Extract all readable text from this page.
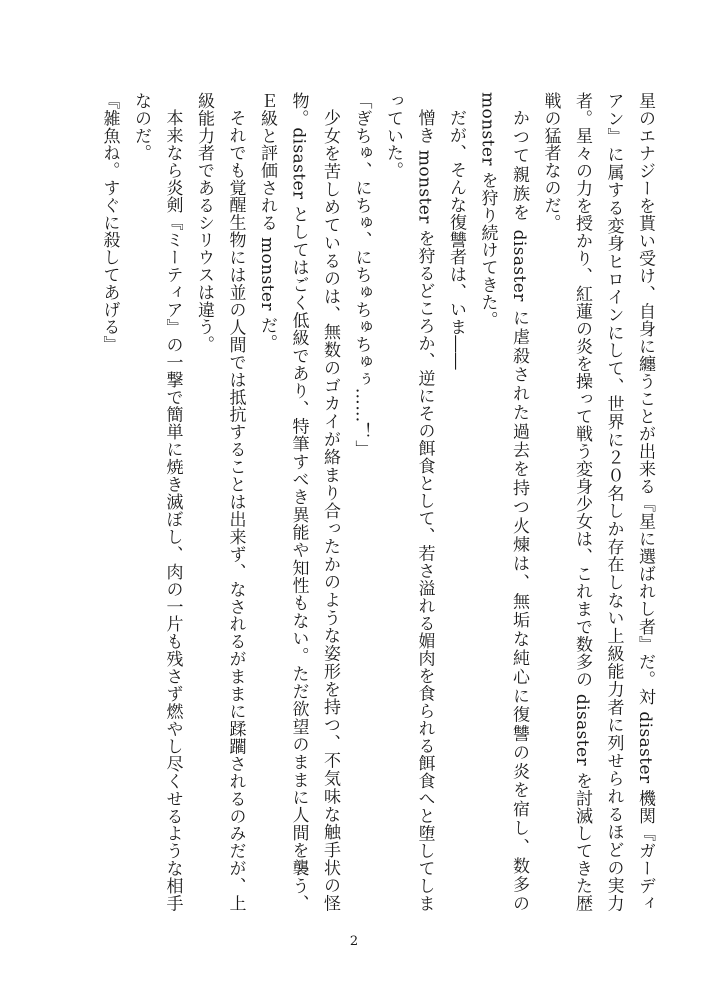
星のエナジーを貰い受け、自身に纏うことが出来る『星に選ばれし者』だ。対 disaster 機関『ガーディアン』に属する変身ヒロインにして、世界に２０名しか存在しない上級能力者に列せられるほどの実力者。星々の力を授かり、紅蓮の炎を操って戦う変身少女は、これまで数多の disaster を討滅してきた歴戦の猛者なのだ。

かつて親族を disaster に虐殺された過去を持つ火煉は、無垢な純心に復讐の炎を宿し、数多の monster を狩り続けてきた。

だが、そんな復讐者は、いま――

憎き monster を狩るどころか、逆にその餌食として、若さ溢れる媚肉を食られる餌食へと堕してしまっていた。

「ぎちゅ、にちゅ、にちゅちゅちゅぅ……！」

少女を苦しめているのは、無数のゴカイが絡まり合ったかのような姿形を持つ、不気味な触手状の怪物。disaster としてはごく低級であり、特筆すべき異能や知性もない。ただ欲望のままに人間を襲う、Ｅ級と評価される monster だ。

それでも覚醒生物には並の人間では抵抗することは出来ず、なされるがままに蹂躙されるのみだが、上級能力者であるシリウスは違う。

本来なら炎剣『ミーティア』の一撃で簡単に焼き滅ぼし、肉の一片も残さず燃やし尽くせるような相手なのだ。

『雑魚ね。すぐに殺してあげる』

2
